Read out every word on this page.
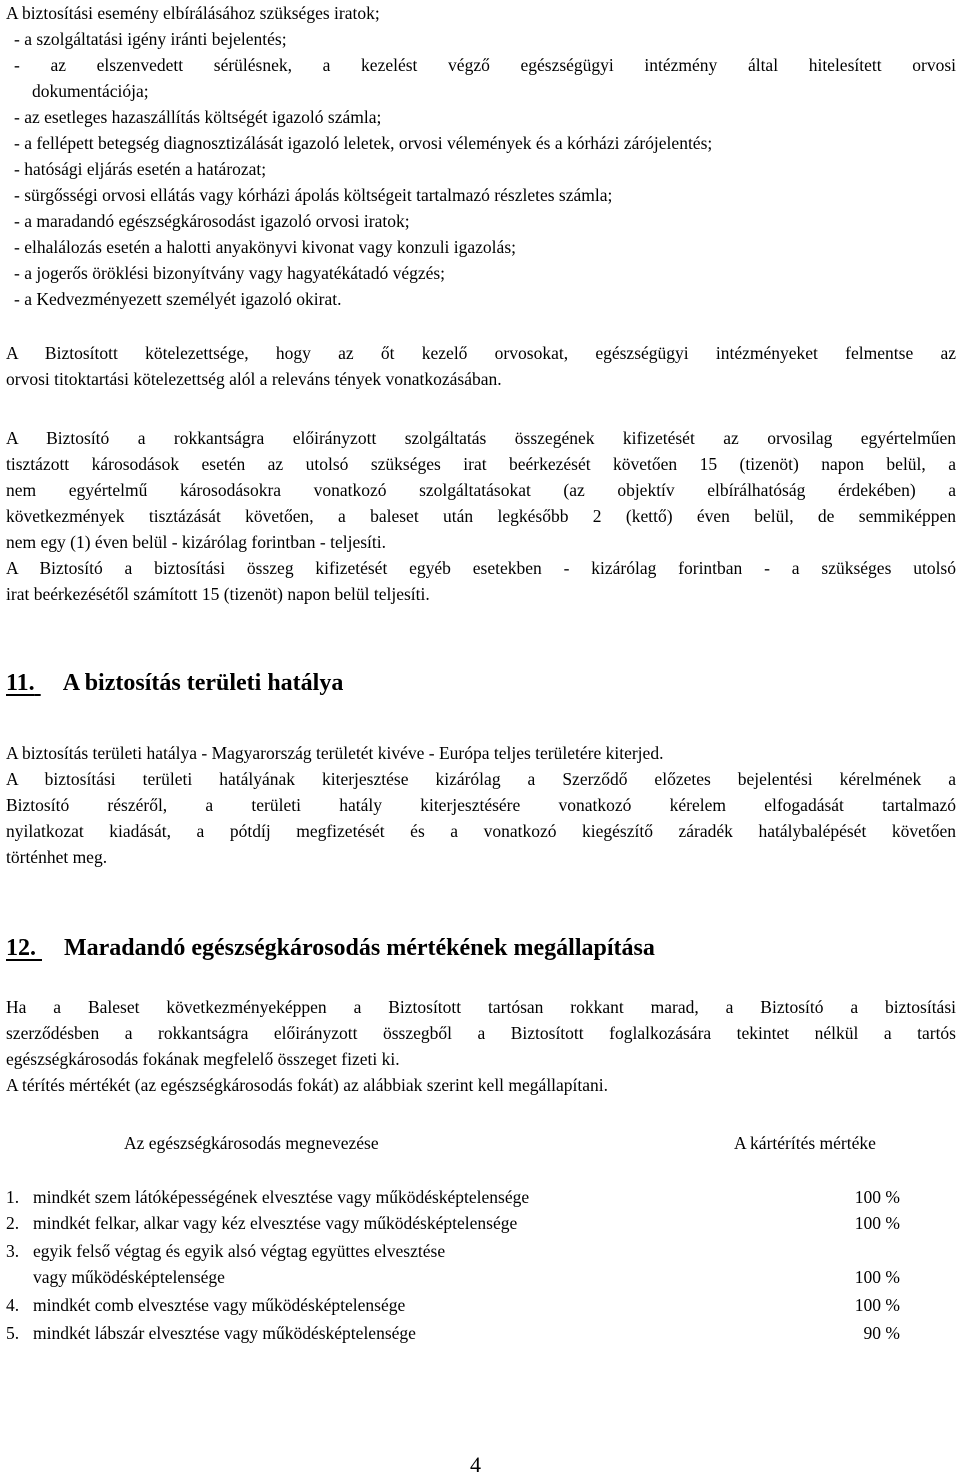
A biztosítási esemény elbírálásához szükséges iratok;
- a szolgáltatási igény iránti bejelentés;
- az elszenvedett sérülésnek, a kezelést végző egészségügyi intézmény által hitelesített orvosi
dokumentációja;
- az esetleges hazaszállítás költségét igazoló számla;
- a fellépett betegség diagnosztizálását igazoló leletek, orvosi vélemények és a kórházi zárójelentés;
- hatósági eljárás esetén a határozat;
- sürgősségi orvosi ellátás vagy kórházi ápolás költségeit tartalmazó részletes számla;
- a maradandó egészségkárosodást igazoló orvosi iratok;
- elhalálozás esetén a halotti anyakönyvi kivonat vagy konzuli igazolás;
- a jogerős öröklési bizonyítvány vagy hagyatékátadó végzés;
- a Kedvezményezett személyét igazoló okirat.
A Biztosított kötelezettsége, hogy az őt kezelő orvosokat, egészségügyi intézményeket felmentse az
orvosi titoktartási kötelezettség alól a releváns tények vonatkozásában.
A Biztosító a rokkantságra előirányzott szolgáltatás összegének kifizetését az orvosilag egyértelműen
tisztázott károsodások esetén az utolsó szükséges irat beérkezését követően 15 (tizenöt) napon belül, a
nem egyértelmű károsodásokra vonatkozó szolgáltatásokat (az objektív elbírálhatóság érdekében) a
következmények tisztázását követően, a baleset után legkésőbb 2 (kettő) éven belül, de semmiképpen
nem egy (1) éven belül - kizárólag forintban - teljesíti.
A Biztosító a biztosítási összeg kifizetését egyéb esetekben - kizárólag forintban - a szükséges utolsó
irat beérkezésétől számított 15 (tizenöt) napon belül teljesíti.
11. A biztosítás területi hatálya
A biztosítás területi hatálya - Magyarország területét kivéve - Európa teljes területére kiterjed.
A biztosítási területi hatályának kiterjesztése kizárólag a Szerződő előzetes bejelentési kérelmének a
Biztosító részéről, a területi hatály kiterjesztésére vonatkozó kérelem elfogadását tartalmazó
nyilatkozat kiadását, a pótdíj megfizetését és a vonatkozó kiegészítő záradék hatálybalépését követően
történhet meg.
12. Maradandó egészségkárosodás mértékének megállapítása
Ha a Baleset következményeképpen a Biztosított tartósan rokkant marad, a Biztosító a biztosítási
szerződésben a rokkantságra előirányzott összegből a Biztosított foglalkozására tekintet nélkül a tartós
egészségkárosodás fokának megfelelő összeget fizeti ki.
A térítés mértékét (az egészségkárosodás fokát) az alábbiak szerint kell megállapítani.
Az egészségkárosodás megnevezése	A kártérítés mértéke
1. mindkét szem látóképességének elvesztése vagy működésképtelensége	100 %
2. mindkét felkar, alkar vagy kéz elvesztése vagy működésképtelensége	100 %
3. egyik felső végtag és egyik alsó végtag együttes elvesztése
vagy működésképtelensége	100 %
4. mindkét comb elvesztése vagy működésképtelensége	100 %
5. mindkét lábszár elvesztése vagy működésképtelensége	90 %
4
